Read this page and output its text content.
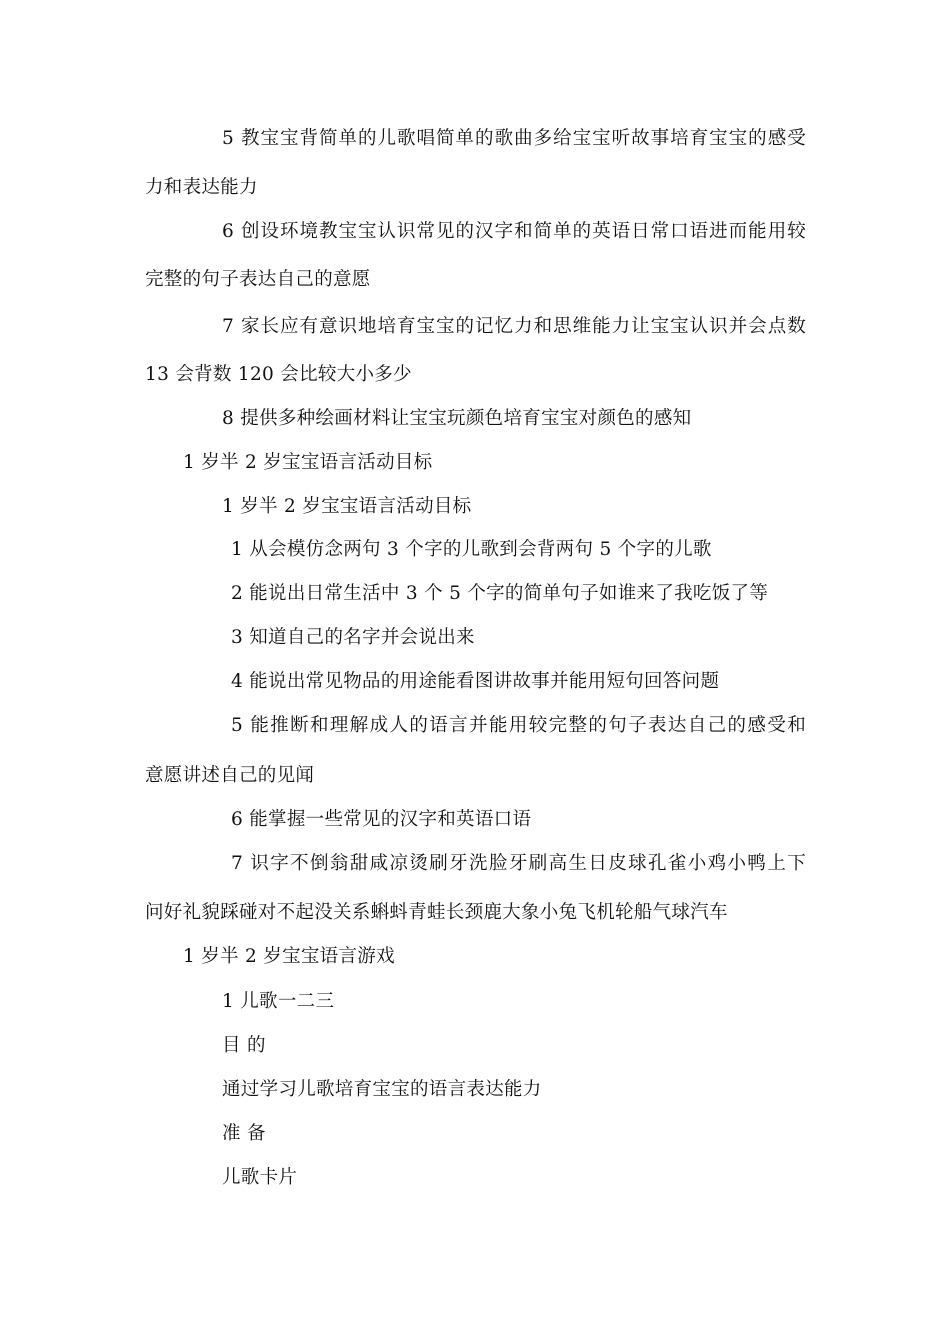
5 教宝宝背简单的儿歌唱简单的歌曲多给宝宝听故事培育宝宝的感受
力和表达能力
6 创设环境教宝宝认识常见的汉字和简单的英语日常口语进而能用较
完整的句子表达自己的意愿
7 家长应有意识地培育宝宝的记忆力和思维能力让宝宝认识并会点数
13 会背数 120 会比较大小多少
8 提供多种绘画材料让宝宝玩颜色培育宝宝对颜色的感知
1 岁半 2 岁宝宝语言活动目标
1 岁半 2 岁宝宝语言活动目标
1 从会模仿念两句 3 个字的儿歌到会背两句 5 个字的儿歌
2 能说出日常生活中 3 个 5 个字的简单句子如谁来了我吃饭了等
3 知道自己的名字并会说出来
4 能说出常见物品的用途能看图讲故事并能用短句回答问题
5 能推断和理解成人的语言并能用较完整的句子表达自己的感受和
意愿讲述自己的见闻
6 能掌握一些常见的汉字和英语口语
7 识字不倒翁甜咸凉烫刷牙洗脸牙刷高生日皮球孔雀小鸡小鸭上下
问好礼貌踩碰对不起没关系蝌蚪青蛙长颈鹿大象小兔飞机轮船气球汽车
1 岁半 2 岁宝宝语言游戏
1 儿歌一二三
目 的
通过学习儿歌培育宝宝的语言表达能力
准 备
儿歌卡片
